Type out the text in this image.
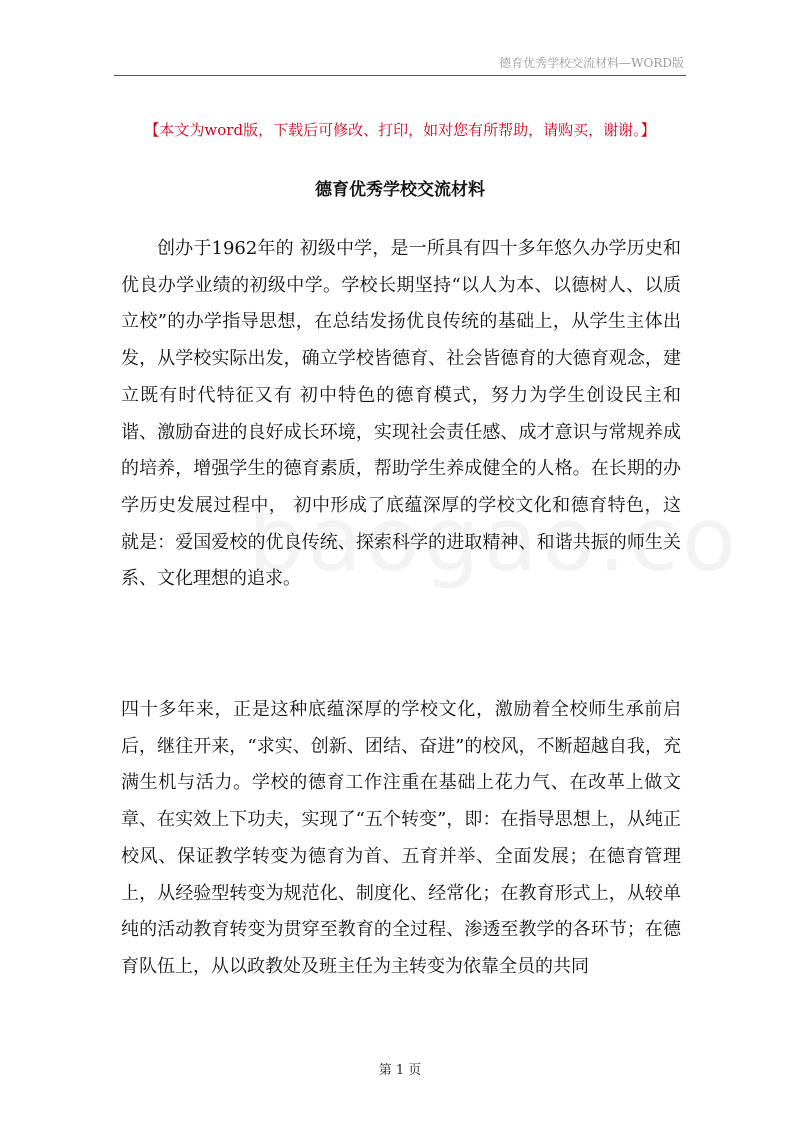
德育优秀学校交流材料—WORD版
【本文为word版，下载后可修改、打印，如对您有所帮助，请购买，谢谢。】
德育优秀学校交流材料

创办于1962年的 初级中学，是一所具有四十多年悠久办学历史和优良办学业绩的初级中学。学校长期坚持“以人为本、以德树人、以质立校”的办学指导思想，在总结发扬优良传统的基础上，从学生主体出发，从学校实际出发，确立学校皆德育、社会皆德育的大德育观念，建立既有时代特征又有 初中特色的德育模式，努力为学生创设民主和谐、激励奋进的良好成长环境，实现社会责任感、成才意识与常规养成的培养，增强学生的德育素质，帮助学生养成健全的人格。在长期的办学历史发展过程中， 初中形成了底蕴深厚的学校文化和德育特色，这就是：爱国爱校的优良传统、探索科学的进取精神、和谐共振的师生关系、文化理想的追求。

四十多年来，正是这种底蕴深厚的学校文化，激励着全校师生承前启后，继往开来，“求实、创新、团结、奋进”的校风，不断超越自我，充满生机与活力。学校的德育工作注重在基础上花力气、在改革上做文章、在实效上下功夫，实现了“五个转变”，即：在指导思想上，从纯正校风、保证教学转变为德育为首、五育并举、全面发展；在德育管理上，从经验型转变为规范化、制度化、经常化；在教育形式上，从较单纯的活动教育转变为贯穿至教育的全过程、渗透至教学的各环节；在德育队伍上，从以政教处及班主任为主转变为依靠全员的共同

第 1 页
